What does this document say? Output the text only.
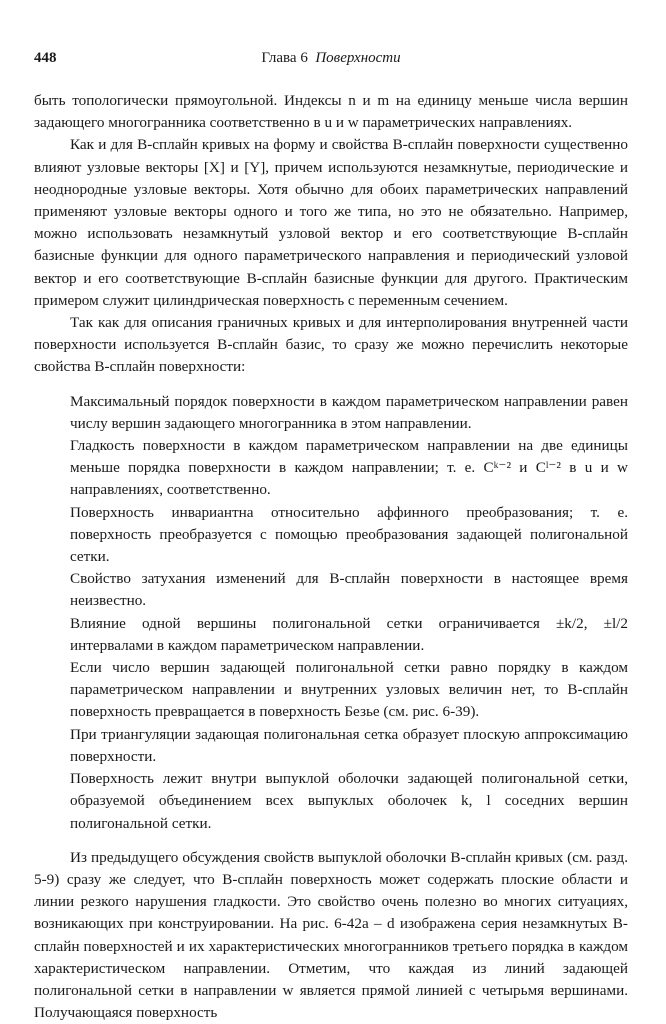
448	Глава 6 Поверхности

быть топологически прямоугольной. Индексы n и m на единицу меньше числа вершин задающего многогранника соответственно в u и w параметрических направлениях.

Как и для B-сплайн кривых на форму и свойства B-сплайн поверхности существенно влияют узловые векторы [X] и [Y], причем используются незамкнутые, периодические и неоднородные узловые векторы. Хотя обычно для обоих параметрических направлений применяют узловые векторы одного и того же типа, но это не обязательно. Например, можно использовать незамкнутый узловой вектор и его соответствующие B-сплайн базисные функции для одного параметрического направления и периодический узловой вектор и его соответствующие B-сплайн базисные функции для другого. Практическим примером служит цилиндрическая поверхность с переменным сечением.

Так как для описания граничных кривых и для интерполирования внутренней части поверхности используется B-сплайн базис, то сразу же можно перечислить некоторые свойства B-сплайн поверхности:

Максимальный порядок поверхности в каждом параметрическом направлении равен числу вершин задающего многогранника в этом направлении.

Гладкость поверхности в каждом параметрическом направлении на две единицы меньше порядка поверхности в каждом направлении; т. е. Cᵏ⁻² и Cˡ⁻² в u и w направлениях, соответственно.

Поверхность инвариантна относительно аффинного преобразования; т. е. поверхность преобразуется с помощью преобразования задающей полигональной сетки.

Свойство затухания изменений для B-сплайн поверхности в настоящее время неизвестно.

Влияние одной вершины полигональной сетки ограничивается ±k/2, ±l/2 интервалами в каждом параметрическом направлении.

Если число вершин задающей полигональной сетки равно порядку в каждом параметрическом направлении и внутренних узловых величин нет, то B-сплайн поверхность превращается в поверхность Безье (см. рис. 6-39).

При триангуляции задающая полигональная сетка образует плоскую аппроксимацию поверхности.

Поверхность лежит внутри выпуклой оболочки задающей полигональной сетки, образуемой объединением всех выпуклых оболочек k, l соседних вершин полигональной сетки.

Из предыдущего обсуждения свойств выпуклой оболочки B-сплайн кривых (см. разд. 5-9) сразу же следует, что B-сплайн поверхность может содержать плоские области и линии резкого нарушения гладкости. Это свойство очень полезно во многих ситуациях, возникающих при конструировании. На рис. 6-42a – d изображена серия незамкнутых B-сплайн поверхностей и их характеристических многогранников третьего порядка в каждом характеристическом направлении. Отметим, что каждая из линий задающей полигональной сетки в направлении w является прямой линией с четырьмя вершинами. Получающаяся поверхность
